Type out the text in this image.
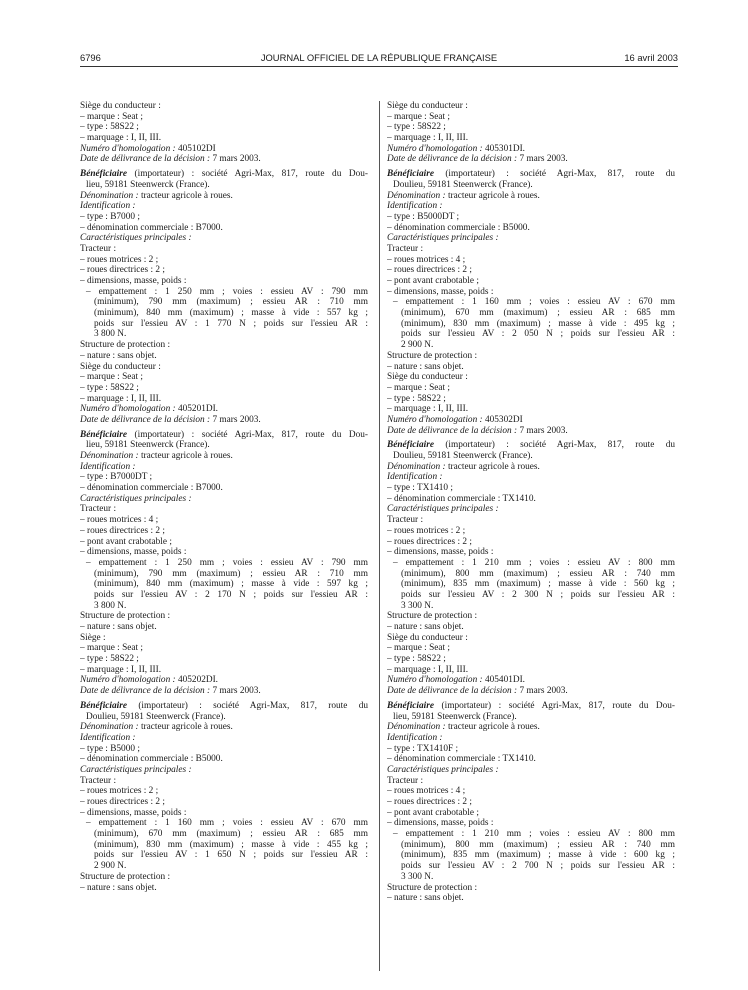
6796	JOURNAL OFFICIEL DE LA RÉPUBLIQUE FRANÇAISE	16 avril 2003
Siège du conducteur :
– marque : Seat ;
– type : 58S22 ;
– marquage : I, II, III.
Numéro d'homologation : 405102DI
Date de délivrance de la décision : 7 mars 2003.
Bénéficiaire (importateur) : société Agri-Max, 817, route du Dou-
lieu, 59181 Steenwerck (France).
Dénomination : tracteur agricole à roues.
Identification :
– type : B7000 ;
– dénomination commerciale : B7000.
Caractéristiques principales :
Tracteur :
– roues motrices : 2 ;
– roues directrices : 2 ;
– dimensions, masse, poids :
– empattement : 1 250 mm ; voies : essieu AV : 790 mm
(minimum), 790 mm (maximum) ; essieu AR : 710 mm
(minimum), 840 mm (maximum) ; masse à vide : 557 kg ;
poids sur l'essieu AV : 1 770 N ; poids sur l'essieu AR :
3 800 N.
Structure de protection :
– nature : sans objet.
Siège du conducteur :
– marque : Seat ;
– type : 58S22 ;
– marquage : I, II, III.
Numéro d'homologation : 405201DI.
Date de délivrance de la décision : 7 mars 2003.
Bénéficiaire (importateur) : société Agri-Max, 817, route du Dou-
lieu, 59181 Steenwerck (France).
Dénomination : tracteur agricole à roues.
Identification :
– type : B7000DT ;
– dénomination commerciale : B7000.
Caractéristiques principales :
Tracteur :
– roues motrices : 4 ;
– roues directrices : 2 ;
– pont avant crabotable ;
– dimensions, masse, poids :
– empattement : 1 250 mm ; voies : essieu AV : 790 mm
(minimum), 790 mm (maximum) ; essieu AR : 710 mm
(minimum), 840 mm (maximum) ; masse à vide : 597 kg ;
poids sur l'essieu AV : 2 170 N ; poids sur l'essieu AR :
3 800 N.
Structure de protection :
– nature : sans objet.
Siège :
– marque : Seat ;
– type : 58S22 ;
– marquage : I, II, III.
Numéro d'homologation : 405202DI.
Date de délivrance de la décision : 7 mars 2003.
Bénéficiaire (importateur) : société Agri-Max, 817, route du
Doulieu, 59181 Steenwerck (France).
Dénomination : tracteur agricole à roues.
Identification :
– type : B5000 ;
– dénomination commerciale : B5000.
Caractéristiques principales :
Tracteur :
– roues motrices : 2 ;
– roues directrices : 2 ;
– dimensions, masse, poids :
– empattement : 1 160 mm ; voies : essieu AV : 670 mm
(minimum), 670 mm (maximum) ; essieu AR : 685 mm
(minimum), 830 mm (maximum) ; masse à vide : 455 kg ;
poids sur l'essieu AV : 1 650 N ; poids sur l'essieu AR :
2 900 N.
Structure de protection :
– nature : sans objet.
Siège du conducteur :
– marque : Seat ;
– type : 58S22 ;
– marquage : I, II, III.
Numéro d'homologation : 405301DI.
Date de délivrance de la décision : 7 mars 2003.
Bénéficiaire (importateur) : société Agri-Max, 817, route du
Doulieu, 59181 Steenwerck (France).
Dénomination : tracteur agricole à roues.
Identification :
– type : B5000DT ;
– dénomination commerciale : B5000.
Caractéristiques principales :
Tracteur :
– roues motrices : 4 ;
– roues directrices : 2 ;
– pont avant crabotable ;
– dimensions, masse, poids :
– empattement : 1 160 mm ; voies : essieu AV : 670 mm
(minimum), 670 mm (maximum) ; essieu AR : 685 mm
(minimum), 830 mm (maximum) ; masse à vide : 495 kg ;
poids sur l'essieu AV : 2 050 N ; poids sur l'essieu AR :
2 900 N.
Structure de protection :
– nature : sans objet.
Siège du conducteur :
– marque : Seat ;
– type : 58S22 ;
– marquage : I, II, III.
Numéro d'homologation : 405302DI
Date de délivrance de la décision : 7 mars 2003.
Bénéficiaire (importateur) : société Agri-Max, 817, route du
Doulieu, 59181 Steenwerck (France).
Dénomination : tracteur agricole à roues.
Identification :
– type : TX1410 ;
– dénomination commerciale : TX1410.
Caractéristiques principales :
Tracteur :
– roues motrices : 2 ;
– roues directrices : 2 ;
– dimensions, masse, poids :
– empattement : 1 210 mm ; voies : essieu AV : 800 mm
(minimum), 800 mm (maximum) ; essieu AR : 740 mm
(minimum), 835 mm (maximum) ; masse à vide : 560 kg ;
poids sur l'essieu AV : 2 300 N ; poids sur l'essieu AR :
3 300 N.
Structure de protection :
– nature : sans objet.
Siège du conducteur :
– marque : Seat ;
– type : 58S22 ;
– marquage : I, II, III.
Numéro d'homologation : 405401DI.
Date de délivrance de la décision : 7 mars 2003.
Bénéficiaire (importateur) : société Agri-Max, 817, route du Dou-
lieu, 59181 Steenwerck (France).
Dénomination : tracteur agricole à roues.
Identification :
– type : TX1410F ;
– dénomination commerciale : TX1410.
Caractéristiques principales :
Tracteur :
– roues motrices : 4 ;
– roues directrices : 2 ;
– pont avant crabotable ;
– dimensions, masse, poids :
– empattement : 1 210 mm ; voies : essieu AV : 800 mm
(minimum), 800 mm (maximum) ; essieu AR : 740 mm
(minimum), 835 mm (maximum) ; masse à vide : 600 kg ;
poids sur l'essieu AV : 2 700 N ; poids sur l'essieu AR :
3 300 N.
Structure de protection :
– nature : sans objet.
